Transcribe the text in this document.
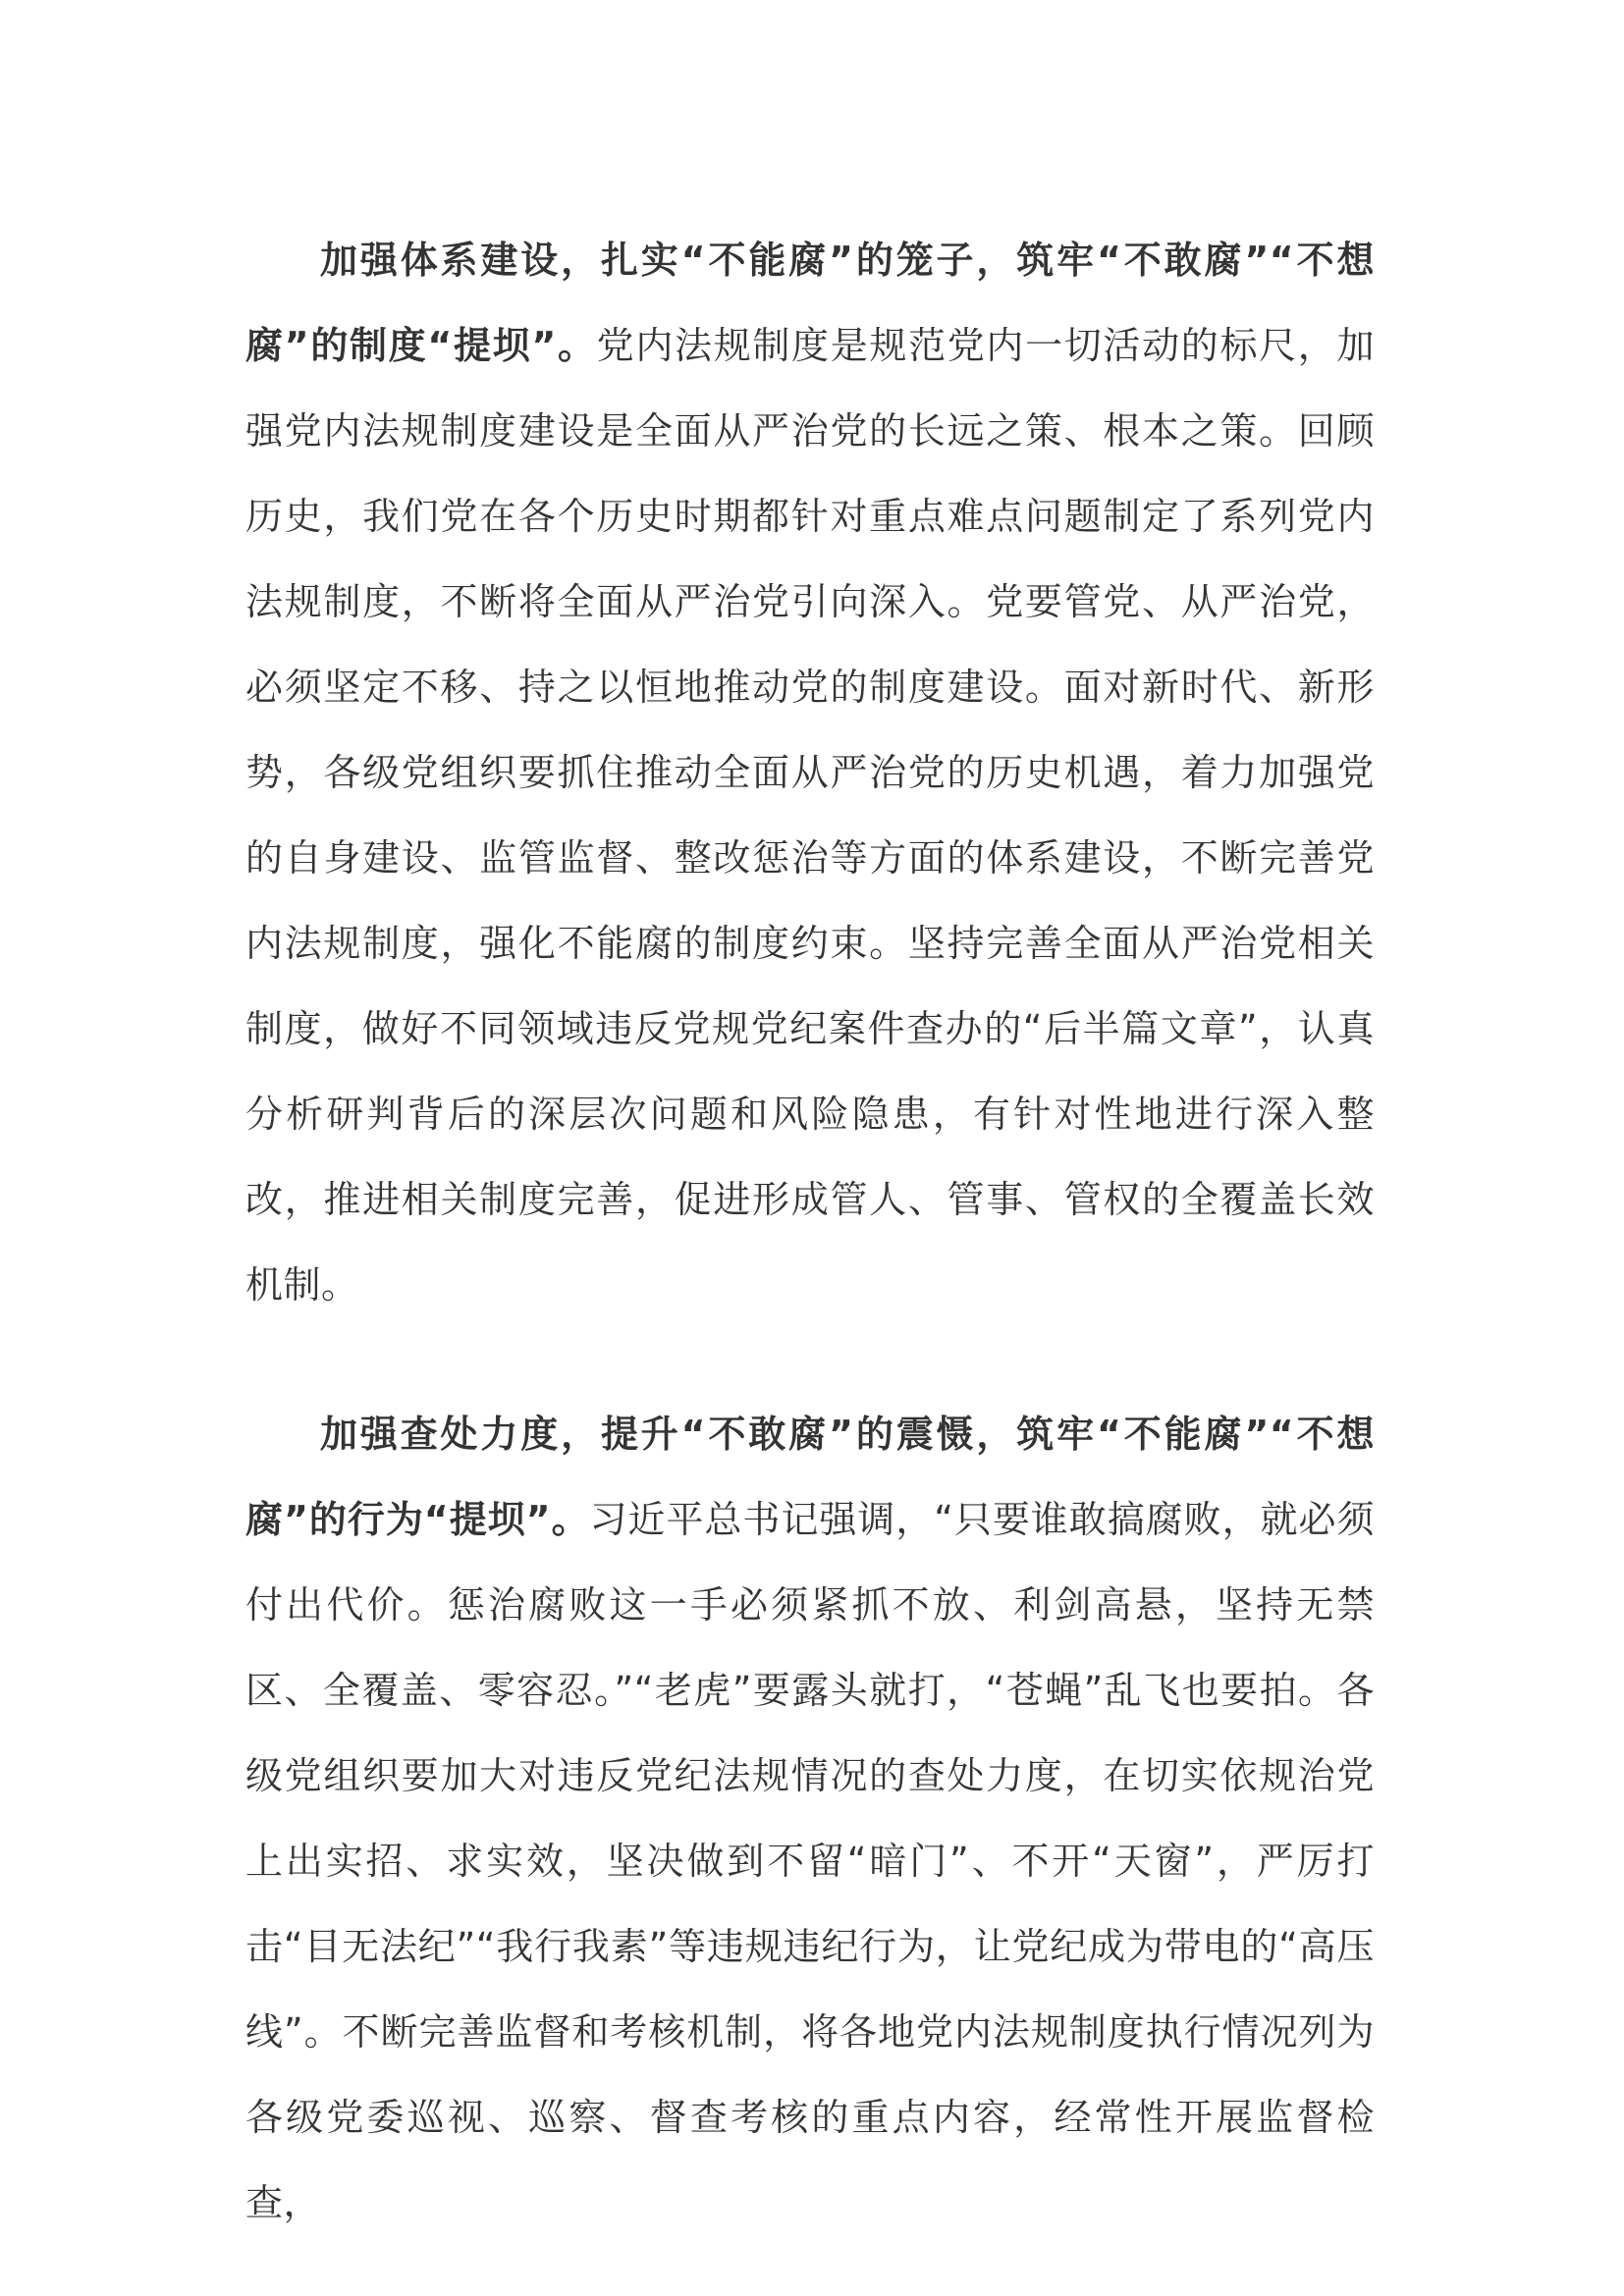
加强体系建设，扎实“不能腐”的笼子，筑牢“不敢腐”“不想腐”的制度“提坝”。党内法规制度是规范党内一切活动的标尺，加强党内法规制度建设是全面从严治党的长远之策、根本之策。回顾历史，我们党在各个历史时期都针对重点难点问题制定了系列党内法规制度，不断将全面从严治党引向深入。党要管党、从严治党，必须坚定不移、持之以恒地推动党的制度建设。面对新时代、新形势，各级党组织要抓住推动全面从严治党的历史机遇，着力加强党的自身建设、监管监督、整改惩治等方面的体系建设，不断完善党内法规制度，强化不能腐的制度约束。坚持完善全面从严治党相关制度，做好不同领域违反党规党纪案件查办的“后半篇文章”，认真分析研判背后的深层次问题和风险隐患，有针对性地进行深入整改，推进相关制度完善，促进形成管人、管事、管权的全覆盖长效机制。

加强查处力度，提升“不敢腐”的震慑，筑牢“不能腐”“不想腐”的行为“提坝”。习近平总书记强调，“只要谁敢搞腐败，就必须付出代价。惩治腐败这一手必须紧抓不放、利剑高悬，坚持无禁区、全覆盖、零容忍。”“老虎”要露头就打，“苍蝇”乱飞也要拍。各级党组织要加大对违反党纪法规情况的查处力度，在切实依规治党上出实招、求实效，坚决做到不留“暗门”、不开“天窗”，严厉打击“目无法纪”“我行我素”等违规违纪行为，让党纪成为带电的“高压线”。不断完善监督和考核机制，将各地党内法规制度执行情况列为各级党委巡视、巡察、督查考核的重点内容，经常性开展监督检查，
